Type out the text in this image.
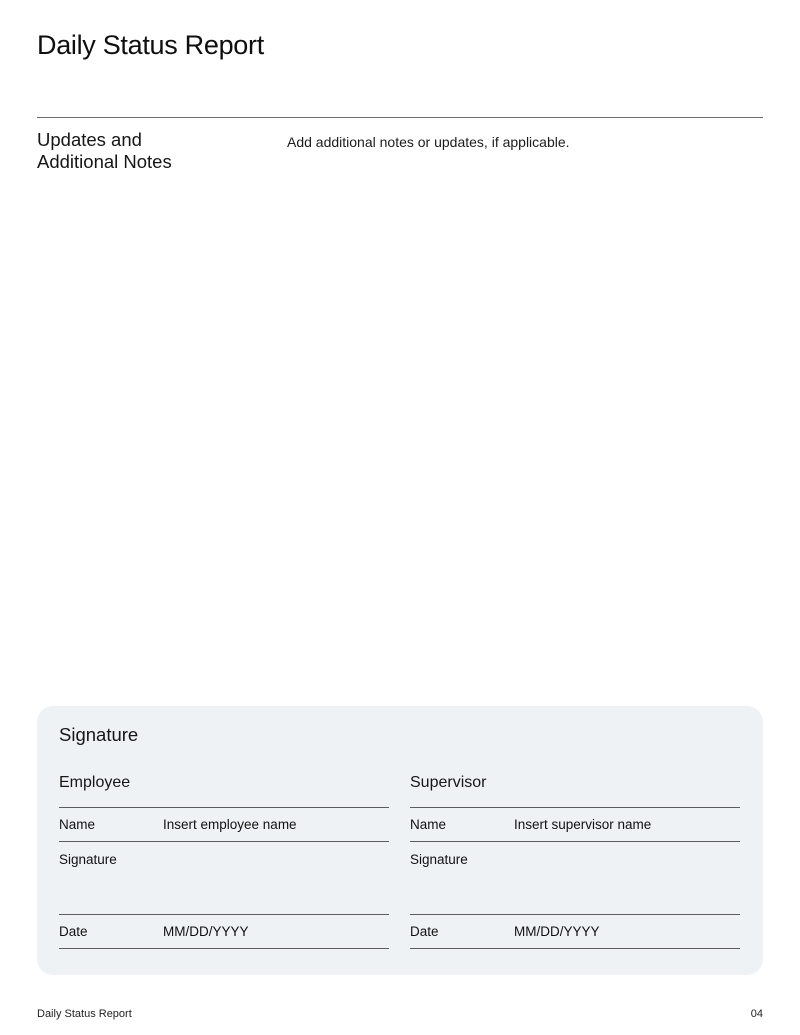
Daily Status Report
Updates and
Additional Notes
Add additional notes or updates, if applicable.
Signature
Employee
Name	Insert employee name
Signature
Date	MM/DD/YYYY
Supervisor
Name	Insert supervisor name
Signature
Date	MM/DD/YYYY
Daily Status Report	04
